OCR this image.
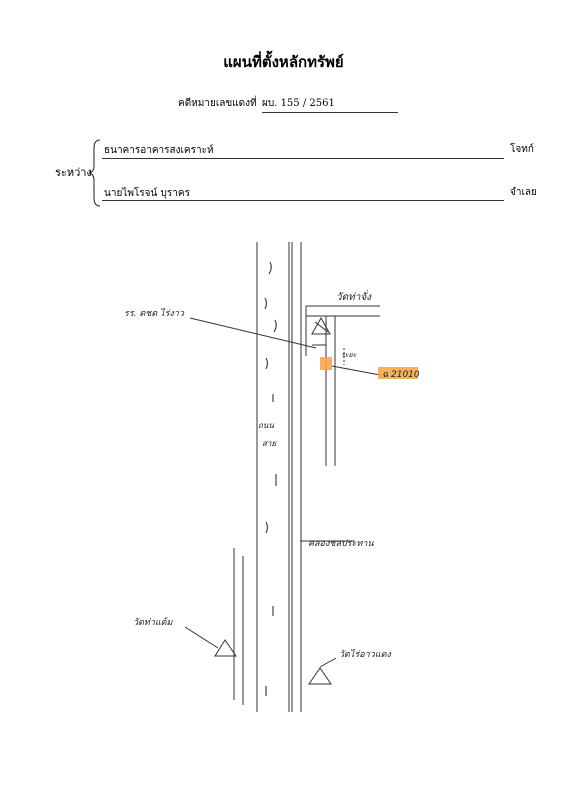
แผนที่ตั้งหลักทรัพย์
คดีหมายเลขแดงที่ ผบ. 155 / 2561
ระหว่าง
ธนาคารอาคารสงเคราะห์	โจทก์
นายไพโรจน์ บุราคร	จำเลย
วัดท่าจั่ง
รร. ตชด ไร่งาว
ระยะ
ฉ 21010
ถนน
สาย
คลองชลประทาน
วัดท่าแต้ม
วัดไร่อาวแดง
